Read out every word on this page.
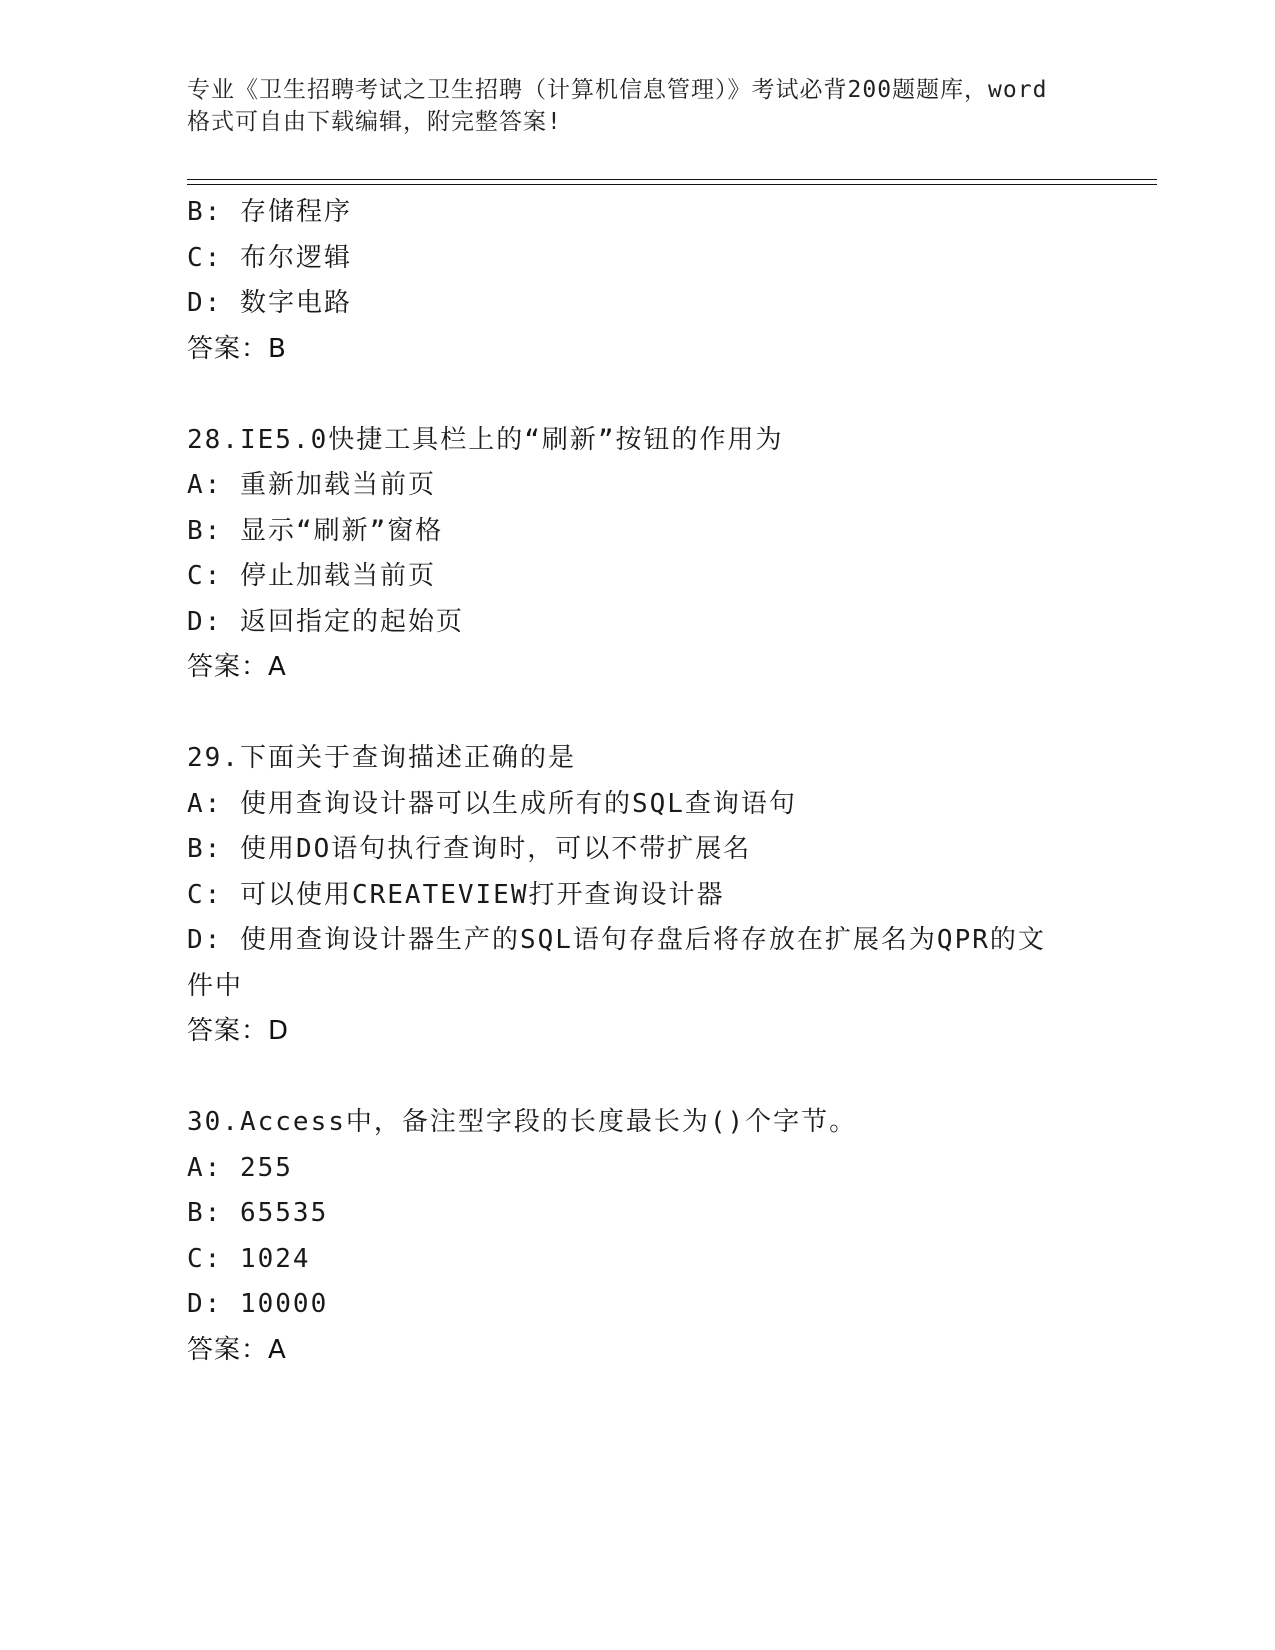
专业《卫生招聘考试之卫生招聘（计算机信息管理）》考试必背200题题库，word
格式可自由下载编辑，附完整答案!
B: 存储程序
C: 布尔逻辑
D: 数字电路
答案：B
28.IE5.0快捷工具栏上的“刷新”按钮的作用为
A: 重新加载当前页
B: 显示“刷新”窗格
C: 停止加载当前页
D: 返回指定的起始页
答案：A
29.下面关于查询描述正确的是
A: 使用查询设计器可以生成所有的SQL查询语句
B: 使用DO语句执行查询时，可以不带扩展名
C: 可以使用CREATEVIEW打开查询设计器
D: 使用查询设计器生产的SQL语句存盘后将存放在扩展名为QPR的文
件中
答案：D
30.Access中，备注型字段的长度最长为()个字节。
A: 255
B: 65535
C: 1024
D: 10000
答案：A
